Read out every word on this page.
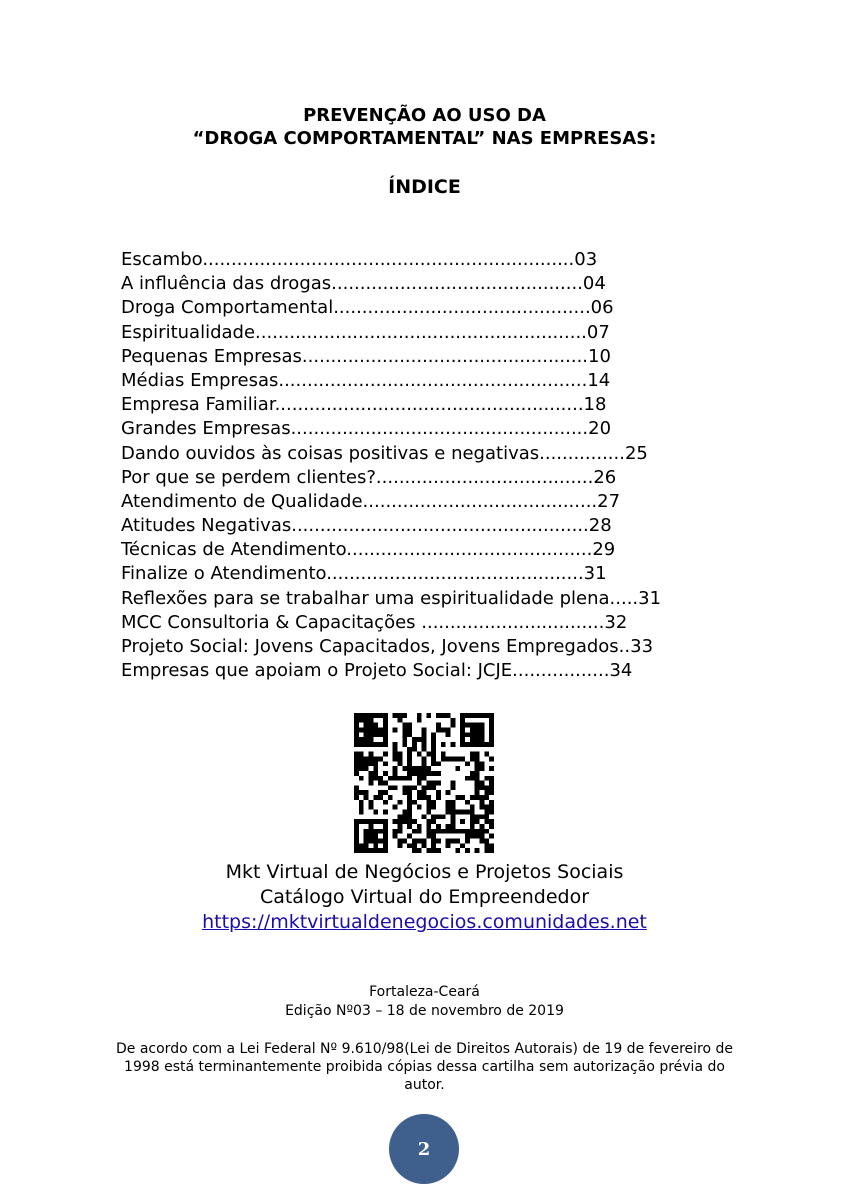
PREVENÇÃO AO USO DA
“DROGA COMPORTAMENTAL” NAS EMPRESAS:
ÍNDICE
Escambo.................................................................03
A influência das drogas............................................04
Droga Comportamental.............................................06
Espiritualidade..........................................................07
Pequenas Empresas..................................................10
Médias Empresas......................................................14
Empresa Familiar......................................................18
Grandes Empresas....................................................20
Dando ouvidos às coisas positivas e negativas...............25
Por que se perdem clientes?......................................26
Atendimento de Qualidade.........................................27
Atitudes Negativas....................................................28
Técnicas de Atendimento...........................................29
Finalize o Atendimento.............................................31
Reflexões para se trabalhar uma espiritualidade plena.....31
MCC Consultoria & Capacitações ................................32
Projeto Social: Jovens Capacitados, Jovens Empregados..33
Empresas que apoiam o Projeto Social: JCJE.................34
Mkt Virtual de Negócios e Projetos Sociais
Catálogo Virtual do Empreendedor
https://mktvirtualdenegocios.comunidades.net
Fortaleza-Ceará
Edição Nº03 – 18 de novembro de 2019
De acordo com a Lei Federal Nº 9.610/98(Lei de Direitos Autorais) de 19 de fevereiro de 1998 está terminantemente proibida cópias dessa cartilha sem autorização prévia do autor.
2
